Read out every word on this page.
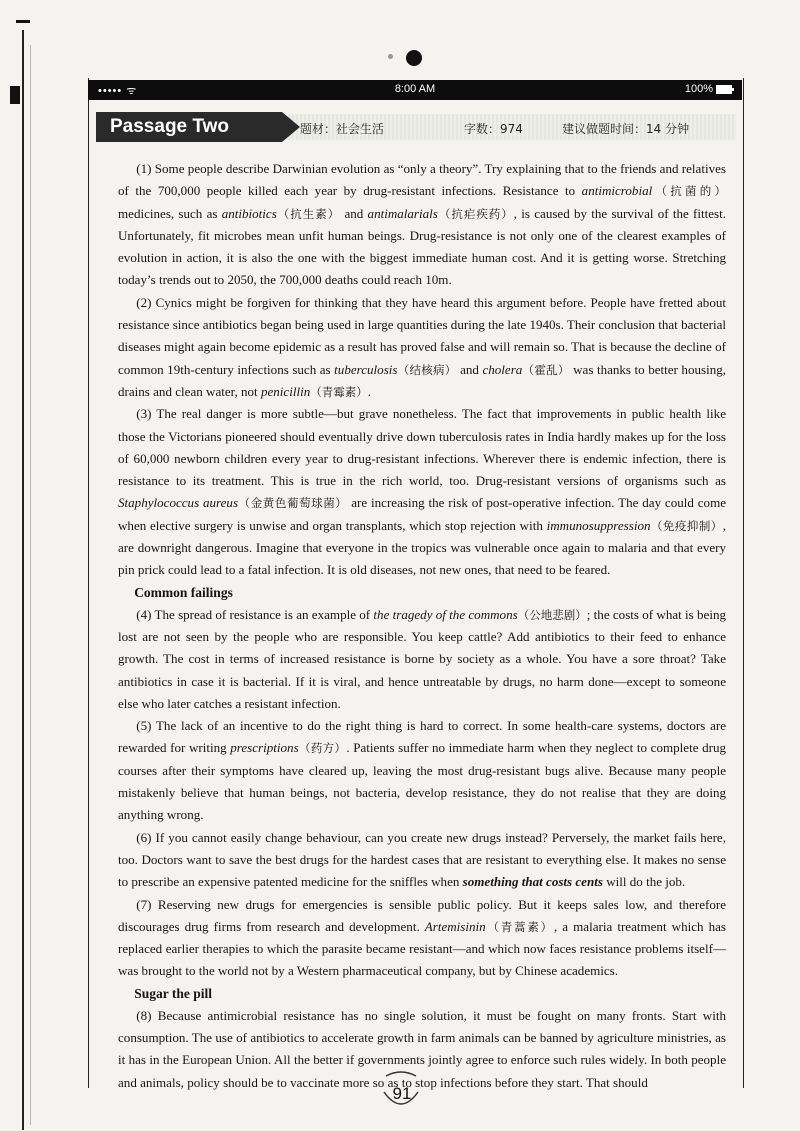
••••• ᯤ	8:00 AM	100%
Passage Two	题材：社会生活	字数：974	建议做题时间：14 分钟

(1) Some people describe Darwinian evolution as “only a theory”. Try explaining that to the friends and relatives of the 700,000 people killed each year by drug-resistant infections. Resistance to antimicrobial（抗菌的） medicines, such as antibiotics（抗生素） and antimalarials（抗疟疾药）, is caused by the survival of the fittest. Unfortunately, fit microbes mean unfit human beings. Drug-resistance is not only one of the clearest examples of evolution in action, it is also the one with the biggest immediate human cost. And it is getting worse. Stretching today’s trends out to 2050, the 700,000 deaths could reach 10m.

(2) Cynics might be forgiven for thinking that they have heard this argument before. People have fretted about resistance since antibiotics began being used in large quantities during the late 1940s. Their conclusion that bacterial diseases might again become epidemic as a result has proved false and will remain so. That is because the decline of common 19th-century infections such as tuberculosis（结核病） and cholera（霍乱） was thanks to better housing, drains and clean water, not penicillin（青霉素）.

(3) The real danger is more subtle—but grave nonetheless. The fact that improvements in public health like those the Victorians pioneered should eventually drive down tuberculosis rates in India hardly makes up for the loss of 60,000 newborn children every year to drug-resistant infections. Wherever there is endemic infection, there is resistance to its treatment. This is true in the rich world, too. Drug-resistant versions of organisms such as Staphylococcus aureus（金黄色葡萄球菌） are increasing the risk of post-operative infection. The day could come when elective surgery is unwise and organ transplants, which stop rejection with immunosuppression（免疫抑制）, are downright dangerous. Imagine that everyone in the tropics was vulnerable once again to malaria and that every pin prick could lead to a fatal infection. It is old diseases, not new ones, that need to be feared.

Common failings

(4) The spread of resistance is an example of the tragedy of the commons（公地悲剧）; the costs of what is being lost are not seen by the people who are responsible. You keep cattle? Add antibiotics to their feed to enhance growth. The cost in terms of increased resistance is borne by society as a whole. You have a sore throat? Take antibiotics in case it is bacterial. If it is viral, and hence untreatable by drugs, no harm done—except to someone else who later catches a resistant infection.

(5) The lack of an incentive to do the right thing is hard to correct. In some health-care systems, doctors are rewarded for writing prescriptions（药方）. Patients suffer no immediate harm when they neglect to complete drug courses after their symptoms have cleared up, leaving the most drug-resistant bugs alive. Because many people mistakenly believe that human beings, not bacteria, develop resistance, they do not realise that they are doing anything wrong.

(6) If you cannot easily change behaviour, can you create new drugs instead? Perversely, the market fails here, too. Doctors want to save the best drugs for the hardest cases that are resistant to everything else. It makes no sense to prescribe an expensive patented medicine for the sniffles when something that costs cents will do the job.

(7) Reserving new drugs for emergencies is sensible public policy. But it keeps sales low, and therefore discourages drug firms from research and development. Artemisinin（青蒿素）, a malaria treatment which has replaced earlier therapies to which the parasite became resistant—and which now faces resistance problems itself—was brought to the world not by a Western pharmaceutical company, but by Chinese academics.

Sugar the pill

(8) Because antimicrobial resistance has no single solution, it must be fought on many fronts. Start with consumption. The use of antibiotics to accelerate growth in farm animals can be banned by agriculture ministries, as it has in the European Union. All the better if governments jointly agree to enforce such rules widely. In both people and animals, policy should be to vaccinate more so as to stop infections before they start. That should

91
